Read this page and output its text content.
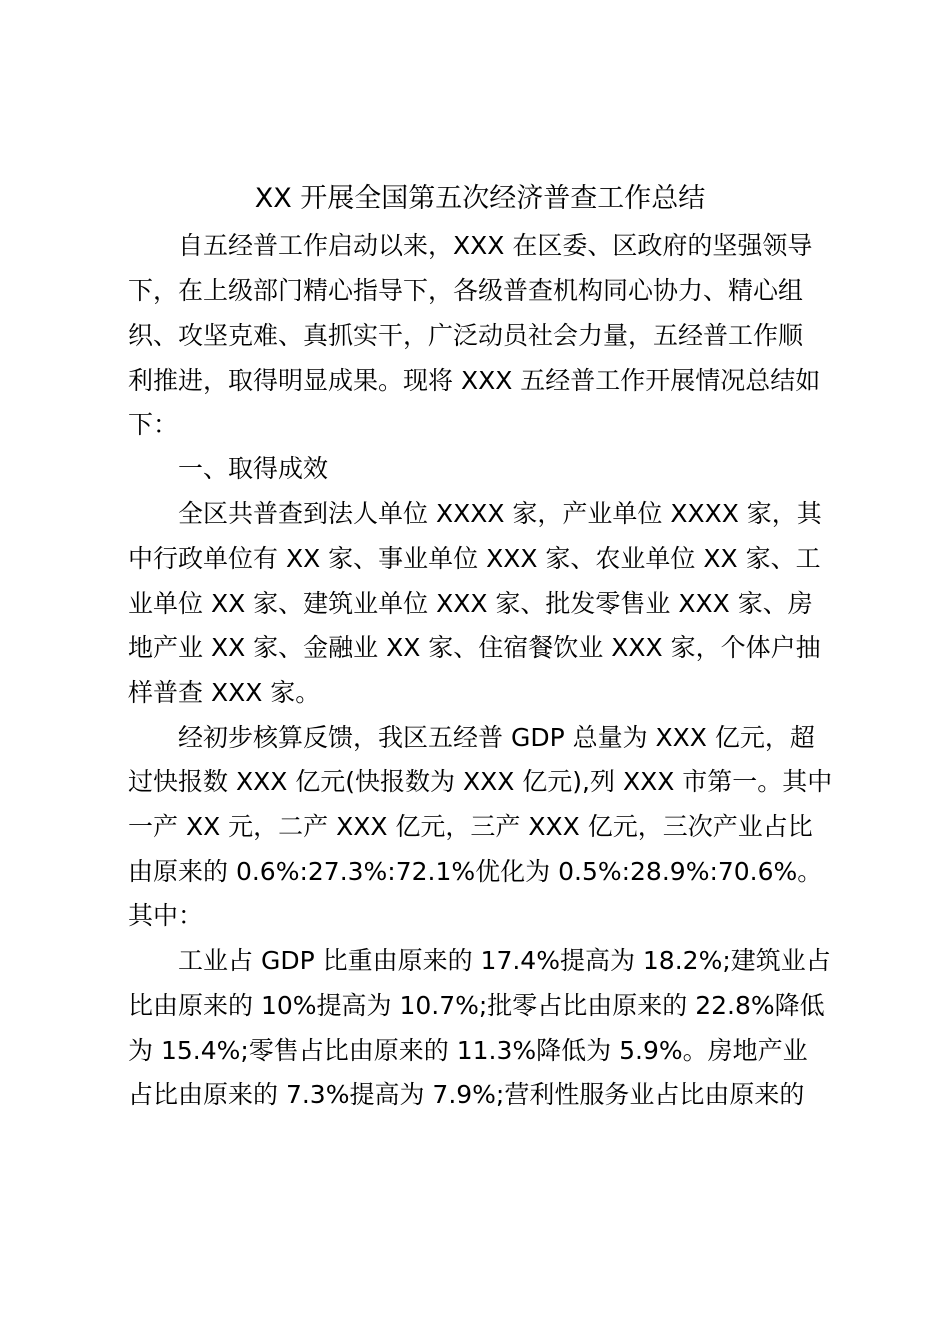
XX 开展全国第五次经济普查工作总结
自五经普工作启动以来，XXX 在区委、区政府的坚强领导
下，在上级部门精心指导下，各级普查机构同心协力、精心组
织、攻坚克难、真抓实干，广泛动员社会力量，五经普工作顺
利推进，取得明显成果。现将 XXX 五经普工作开展情况总结如
下：
一、取得成效
全区共普查到法人单位 XXXX 家，产业单位 XXXX 家，其
中行政单位有 XX 家、事业单位 XXX 家、农业单位 XX 家、工
业单位 XX 家、建筑业单位 XXX 家、批发零售业 XXX 家、房
地产业 XX 家、金融业 XX 家、住宿餐饮业 XXX 家，个体户抽
样普查 XXX 家。
经初步核算反馈，我区五经普 GDP 总量为 XXX 亿元，超
过快报数 XXX 亿元(快报数为 XXX 亿元),列 XXX 市第一。其中
一产 XX 元，二产 XXX 亿元，三产 XXX 亿元，三次产业占比
由原来的 0.6%:27.3%:72.1%优化为 0.5%:28.9%:70.6%。
其中：
工业占 GDP 比重由原来的 17.4%提高为 18.2%;建筑业占
比由原来的 10%提高为 10.7%;批零占比由原来的 22.8%降低
为 15.4%;零售占比由原来的 11.3%降低为 5.9%。房地产业
占比由原来的 7.3%提高为 7.9%;营利性服务业占比由原来的
